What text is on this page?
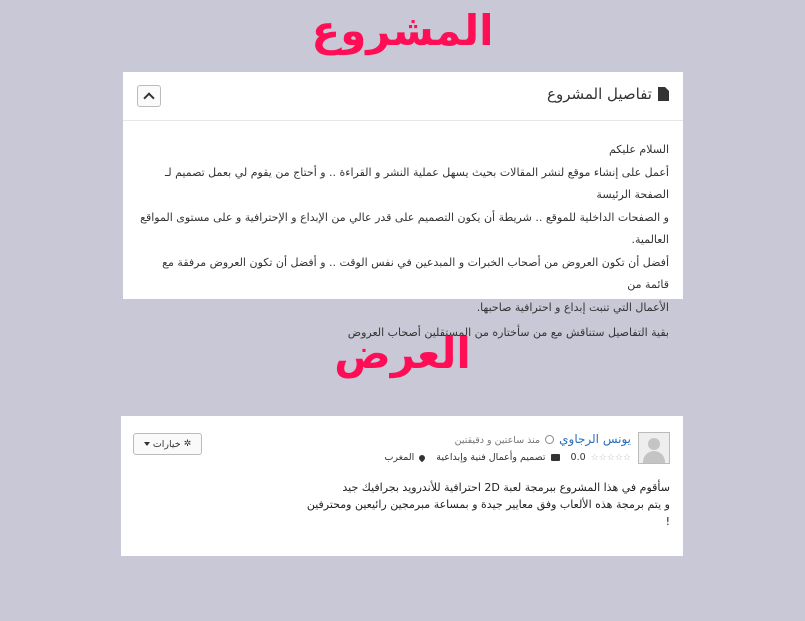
المشروع
تفاصيل المشروع

السلام عليكم
أعمل على إنشاء موقع لنشر المقالات بحيث يسهل عملية النشر و القراءة .. و أحتاج من يقوم لي بعمل تصميم لـ الصفحة الرئيسة
و الصفحات الداخلية للموقع .. شريطة أن يكون التصميم على قدر عالي من الإبداع و الإحترافية و على مستوى المواقع العالمية.
أفضل أن تكون العروض من أصحاب الخبرات و المبدعين في نفس الوقت .. و أفضل أن تكون العروض مرفقة مع قائمة من
الأعمال التي تنبت إبداع و احترافية صاحبها.

بقية التفاصيل ستناقش مع من سأختاره من المستقلين أصحاب العروض

العرض
يونس الرجاوي
منذ ساعتين و دقيقتين
☆☆☆☆☆
0.0
تصميم وأعمال فنية وإبداعية
المغرب
✲
خيارات

سأقوم في هذا المشروع ببرمجة لعبة 2D احترافية للأندرويد بجرافيك جيد

و يتم برمجة هذه الألعاب وفق معايير جيدة و بمساعة مبرمجين رائيعين ومحترفين

!
